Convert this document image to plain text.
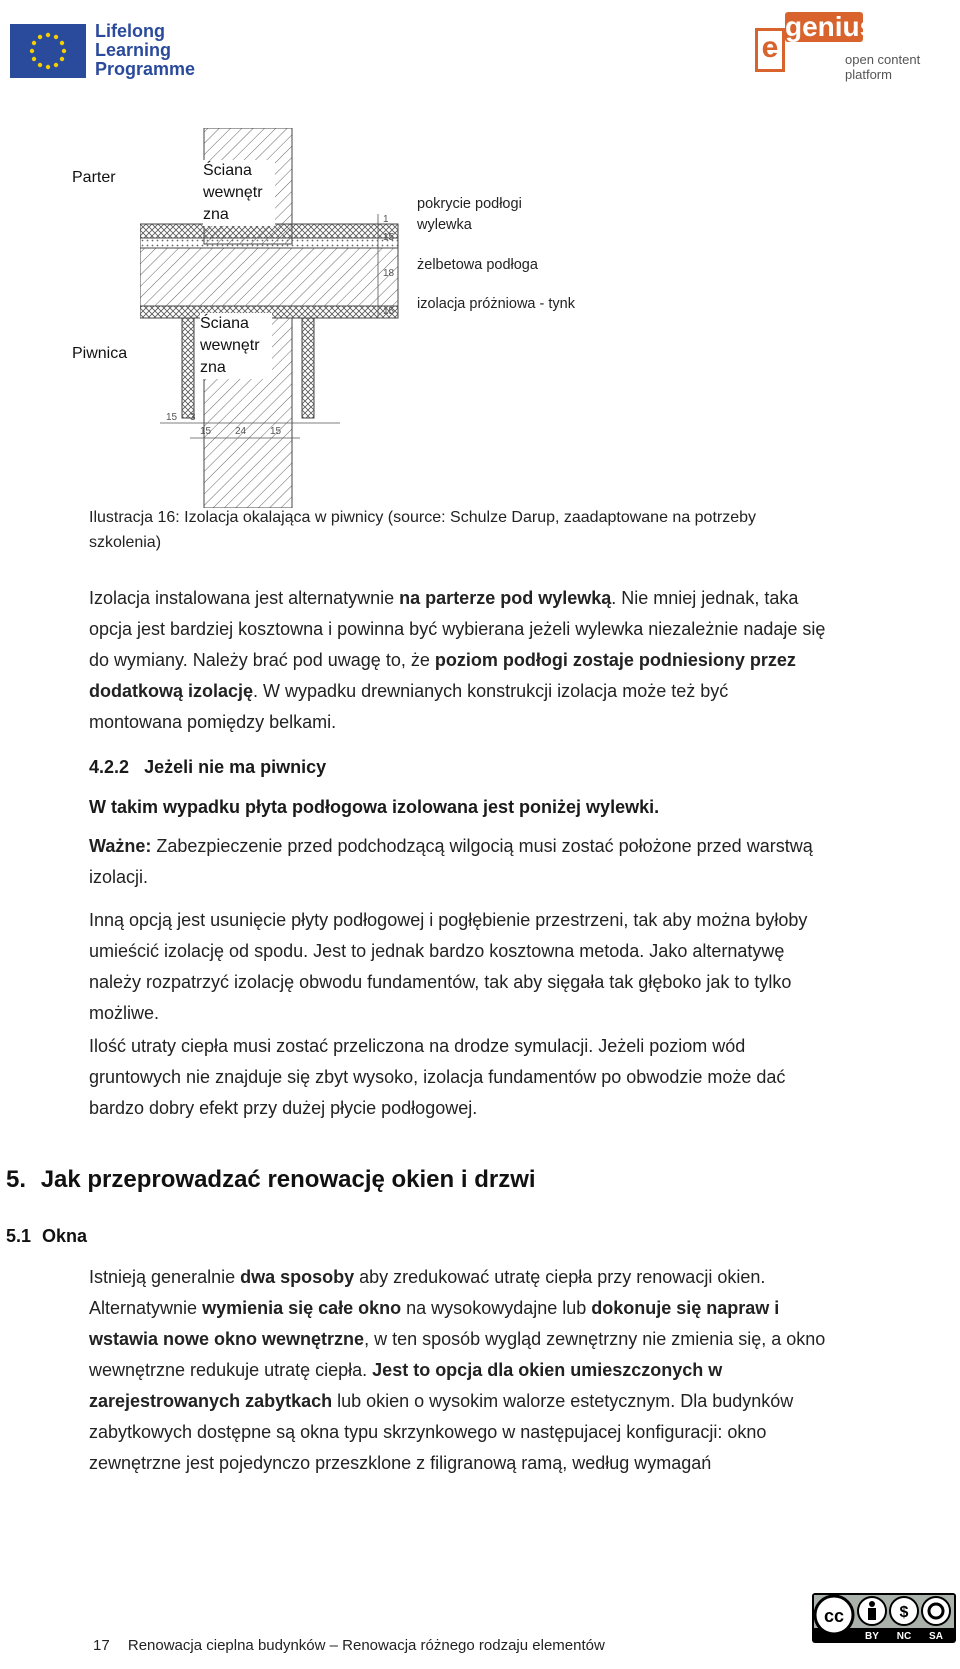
Lifelong
Learning
Programme
e
genius
open content
platform
1
15
18
15
15 3
15 24 15
Ściana
wewnętr
zna
Ściana
wewnętr
zna
Parter
Piwnica
pokrycie podłogi
wylewka
żelbetowa podłoga
izolacja próżniowa - tynk
Ilustracja 16: Izolacja okalająca w piwnicy (source: Schulze Darup, zaadaptowane na potrzeby
szkolenia)
Izolacja instalowana jest alternatywnie na parterze pod wylewką. Nie mniej jednak, taka
opcja jest bardziej kosztowna i powinna być wybierana jeżeli wylewka niezależnie nadaje się
do wymiany. Należy brać pod uwagę to, że poziom podłogi zostaje podniesiony przez
dodatkową izolację. W wypadku drewnianych konstrukcji izolacja może też być
montowana pomiędzy belkami.
4.2.2 Jeżeli nie ma piwnicy
W takim wypadku płyta podłogowa izolowana jest poniżej wylewki.
Ważne: Zabezpieczenie przed podchodzącą wilgocią musi zostać położone przed warstwą
izolacji.
Inną opcją jest usunięcie płyty podłogowej i pogłębienie przestrzeni, tak aby można byłoby
umieścić izolację od spodu. Jest to jednak bardzo kosztowna metoda. Jako alternatywę
należy rozpatrzyć izolację obwodu fundamentów, tak aby sięgała tak głęboko jak to tylko
możliwe.
Ilość utraty ciepła musi zostać przeliczona na drodze symulacji. Jeżeli poziom wód
gruntowych nie znajduje się zbyt wysoko, izolacja fundamentów po obwodzie może dać
bardzo dobry efekt przy dużej płycie podłogowej.
5. Jak przeprowadzać renowację okien i drzwi
5.1 Okna
Istnieją generalnie dwa sposoby aby zredukować utratę ciepła przy renowacji okien.
Alternatywnie wymienia się całe okno na wysokowydajne lub dokonuje się napraw i
wstawia nowe okno wewnętrzne, w ten sposób wygląd zewnętrzny nie zmienia się, a okno
wewnętrzne redukuje utratę ciepła. Jest to opcja dla okien umieszczonych w
zarejestrowanych zabytkach lub okien o wysokim walorze estetycznym. Dla budynków
zabytkowych dostępne są okna typu skrzynkowego w następujacej konfiguracji: okno
zewnętrzne jest pojedynczo przeszklone z filigranową ramą, według wymagań
17 Renowacja cieplna budynków – Renowacja różnego rodzaju elementów
cc	$
BY NC SA
